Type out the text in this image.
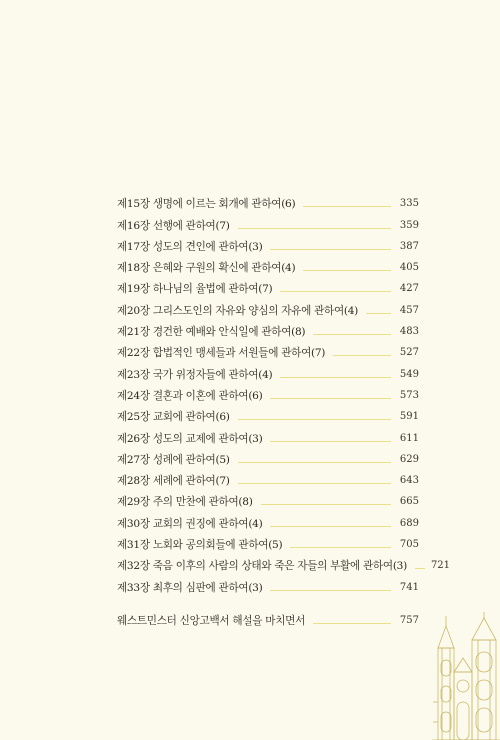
제15장 생명에 이르는 회개에 관하여(6)	335
제16장 선행에 관하여(7)	359
제17장 성도의 견인에 관하여(3)	387
제18장 은혜와 구원의 확신에 관하여(4)	405
제19장 하나님의 율법에 관하여(7)	427
제20장 그리스도인의 자유와 양심의 자유에 관하여(4)	457
제21장 경건한 예배와 안식일에 관하여(8)	483
제22장 합법적인 맹세들과 서원들에 관하여(7)	527
제23장 국가 위정자들에 관하여(4)	549
제24장 결혼과 이혼에 관하여(6)	573
제25장 교회에 관하여(6)	591
제26장 성도의 교제에 관하여(3)	611
제27장 성례에 관하여(5)	629
제28장 세례에 관하여(7)	643
제29장 주의 만찬에 관하여(8)	665
제30장 교회의 권징에 관하여(4)	689
제31장 노회와 공의회들에 관하여(5)	705
제32장 죽음 이후의 사람의 상태와 죽은 자들의 부활에 관하여(3) 721
제33장 최후의 심판에 관하여(3)	741
웨스트민스터 신앙고백서 해설을 마치면서	757
